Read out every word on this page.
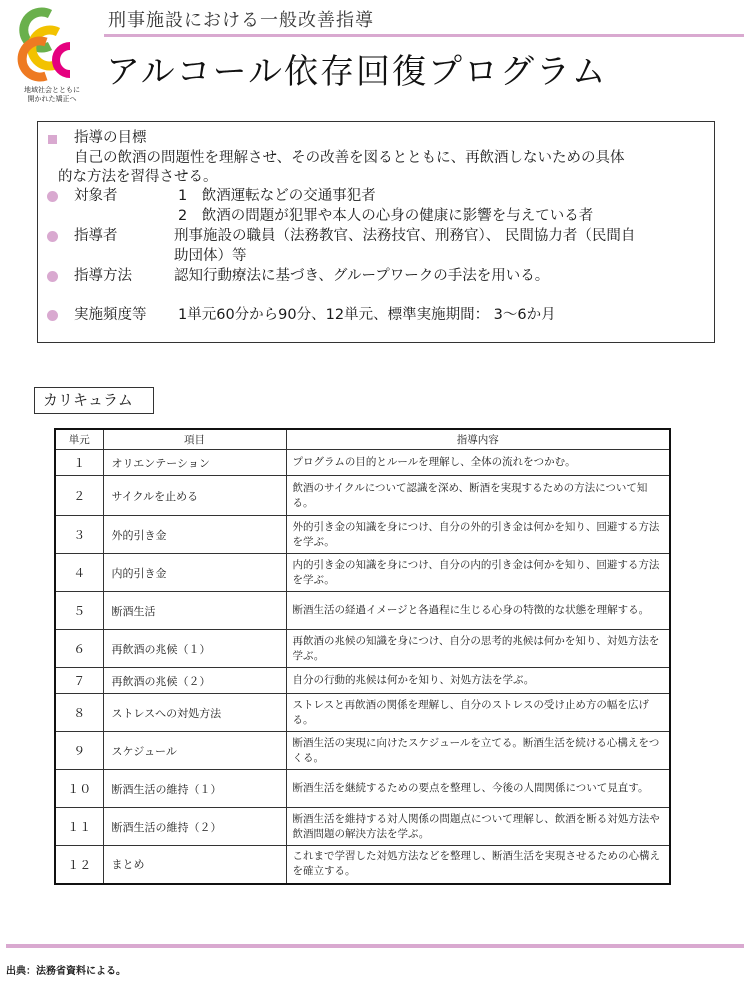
地域社会とともに
開かれた矯正へ
刑事施設における一般改善指導
アルコール依存回復プログラム
指導の目標
自己の飲酒の問題性を理解させ、その改善を図るとともに、再飲酒しないための具体
的な方法を習得させる。
対象者	1　飲酒運転などの交通事犯者
2　飲酒の問題が犯罪や本人の心身の健康に影響を与えている者
指導者	刑事施設の職員（法務教官、法務技官、刑務官）、 民間協力者（民間自
助団体）等
指導方法	認知行動療法に基づき、グループワークの手法を用いる。
実施頻度等 1単元60分から90分、12単元、標準実施期間： 3～6か月
カリキュラム
単元	項目	指導内容
１	オリエンテーション	プログラムの目的とルールを理解し、全体の流れをつかむ。
２	サイクルを止める	飲酒のサイクルについて認識を深め、断酒を実現するための方法について知る。
３	外的引き金	外的引き金の知識を身につけ、自分の外的引き金は何かを知り、回避する方法を学ぶ。
４	内的引き金	内的引き金の知識を身につけ、自分の内的引き金は何かを知り、回避する方法を学ぶ。
５	断酒生活	断酒生活の経過イメージと各過程に生じる心身の特徴的な状態を理解する。
６	再飲酒の兆候（１）	再飲酒の兆候の知識を身につけ、自分の思考的兆候は何かを知り、対処方法を学ぶ。
７	再飲酒の兆候（２）	自分の行動的兆候は何かを知り、対処方法を学ぶ。
８	ストレスへの対処方法	ストレスと再飲酒の関係を理解し、自分のストレスの受け止め方の幅を広げる。
９	スケジュール	断酒生活の実現に向けたスケジュールを立てる。断酒生活を続ける心構えをつくる。
１０	断酒生活の維持（１）	断酒生活を継続するための要点を整理し、今後の人間関係について見直す。
１１	断酒生活の維持（２）	断酒生活を維持する対人関係の問題点について理解し、飲酒を断る対処方法や飲酒問題の解決方法を学ぶ。
１２	まとめ	これまで学習した対処方法などを整理し、断酒生活を実現させるための心構えを確立する。
出典：法務省資料による。
